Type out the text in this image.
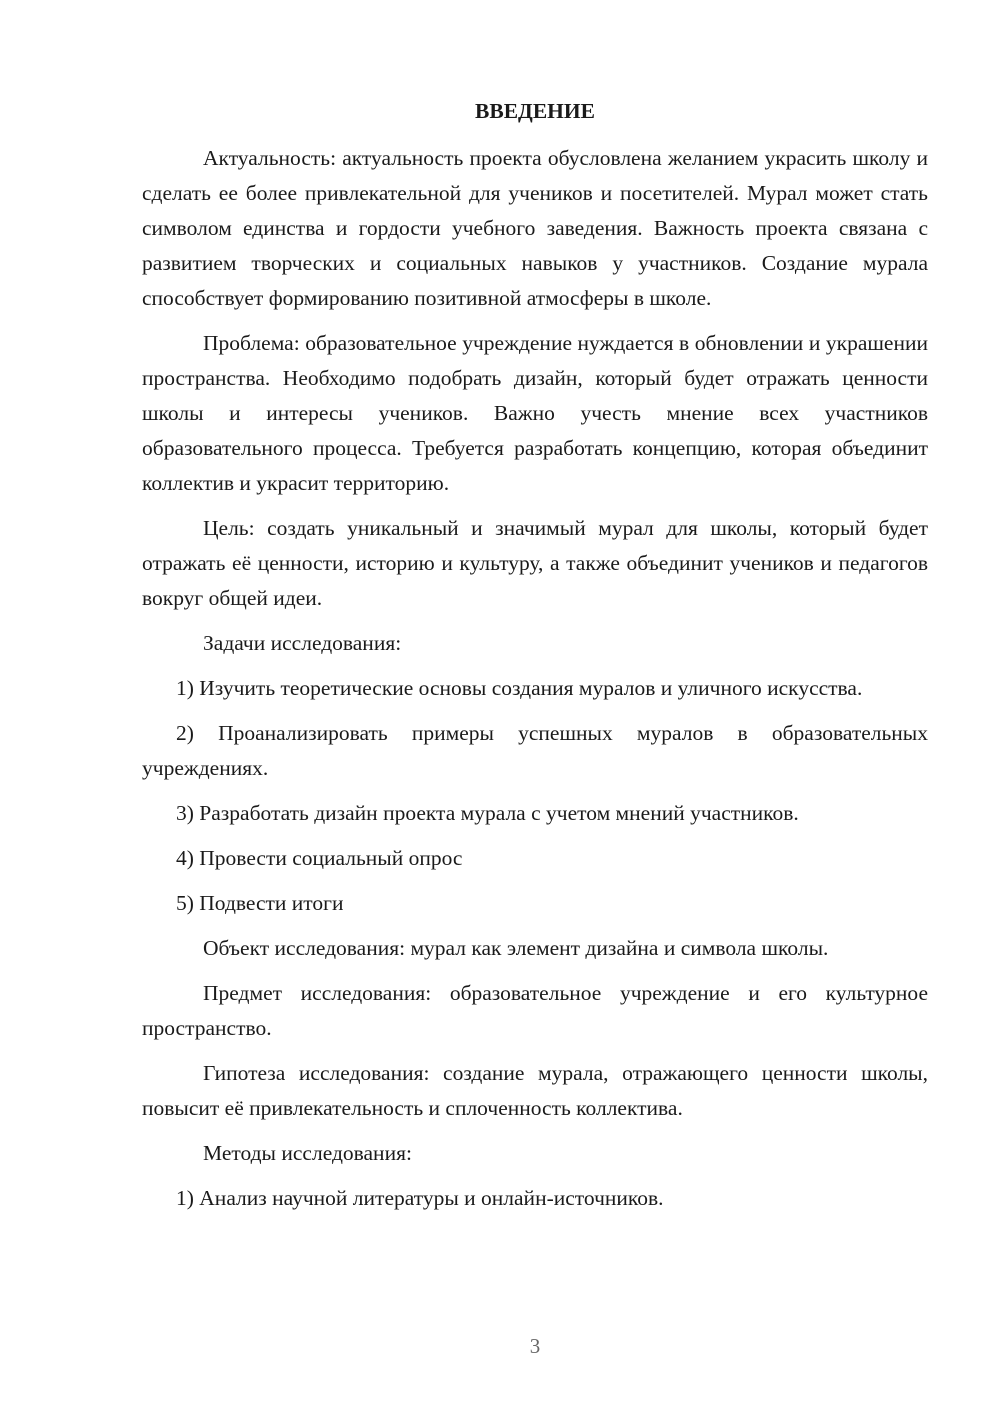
ВВЕДЕНИЕ

Актуальность: актуальность проекта обусловлена желанием украсить школу и сделать ее более привлекательной для учеников и посетителей. Мурал может стать символом единства и гордости учебного заведения. Важность проекта связана с развитием творческих и социальных навыков у участников. Создание мурала способствует формированию позитивной атмосферы в школе.

Проблема: образовательное учреждение нуждается в обновлении и украшении пространства. Необходимо подобрать дизайн, который будет отражать ценности школы и интересы учеников. Важно учесть мнение всех участников образовательного процесса. Требуется разработать концепцию, которая объединит коллектив и украсит территорию.

Цель: создать уникальный и значимый мурал для школы, который будет отражать её ценности, историю и культуру, а также объединит учеников и педагогов вокруг общей идеи.

Задачи исследования:

1) Изучить теоретические основы создания муралов и уличного искусства.

2) Проанализировать примеры успешных муралов в образовательных учреждениях.

3) Разработать дизайн проекта мурала с учетом мнений участников.

4) Провести социальный опрос

5) Подвести итоги

Объект исследования: мурал как элемент дизайна и символа школы.

Предмет исследования: образовательное учреждение и его культурное пространство.

Гипотеза исследования: создание мурала, отражающего ценности школы, повысит её привлекательность и сплоченность коллектива.

Методы исследования:

1) Анализ научной литературы и онлайн-источников.

3
